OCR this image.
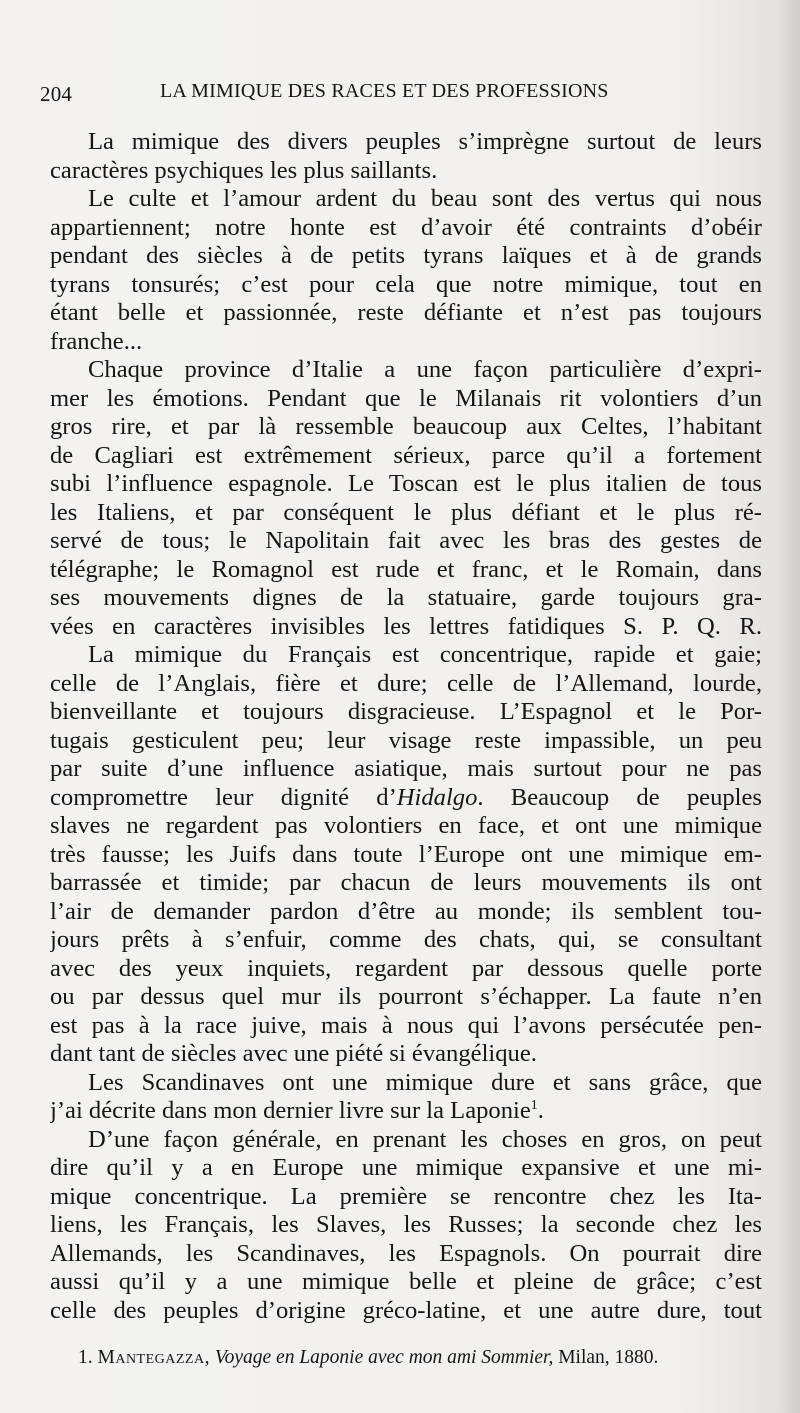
204	LA MIMIQUE DES RACES ET DES PROFESSIONS
La mimique des divers peuples s’imprègne surtout de leurs
caractères psychiques les plus saillants.
Le culte et l’amour ardent du beau sont des vertus qui nous
appartiennent; notre honte est d’avoir été contraints d’obéir
pendant des siècles à de petits tyrans laïques et à de grands
tyrans tonsurés; c’est pour cela que notre mimique, tout en
étant belle et passionnée, reste défiante et n’est pas toujours
franche...
Chaque province d’Italie a une façon particulière d’expri-
mer les émotions. Pendant que le Milanais rit volontiers d’un
gros rire, et par là ressemble beaucoup aux Celtes, l’habitant
de Cagliari est extrêmement sérieux, parce qu’il a fortement
subi l’influence espagnole. Le Toscan est le plus italien de tous
les Italiens, et par conséquent le plus défiant et le plus ré-
servé de tous; le Napolitain fait avec les bras des gestes de
télégraphe; le Romagnol est rude et franc, et le Romain, dans
ses mouvements dignes de la statuaire, garde toujours gra-
vées en caractères invisibles les lettres fatidiques S. P. Q. R.
La mimique du Français est concentrique, rapide et gaie;
celle de l’Anglais, fière et dure; celle de l’Allemand, lourde,
bienveillante et toujours disgracieuse. L’Espagnol et le Por-
tugais gesticulent peu; leur visage reste impassible, un peu
par suite d’une influence asiatique, mais surtout pour ne pas
compromettre leur dignité d’Hidalgo. Beaucoup de peuples
slaves ne regardent pas volontiers en face, et ont une mimique
très fausse; les Juifs dans toute l’Europe ont une mimique em-
barrassée et timide; par chacun de leurs mouvements ils ont
l’air de demander pardon d’être au monde; ils semblent tou-
jours prêts à s’enfuir, comme des chats, qui, se consultant
avec des yeux inquiets, regardent par dessous quelle porte
ou par dessus quel mur ils pourront s’échapper. La faute n’en
est pas à la race juive, mais à nous qui l’avons persécutée pen-
dant tant de siècles avec une piété si évangélique.
Les Scandinaves ont une mimique dure et sans grâce, que
j’ai décrite dans mon dernier livre sur la Laponie$^1$.
D’une façon générale, en prenant les choses en gros, on peut
dire qu’il y a en Europe une mimique expansive et une mi-
mique concentrique. La première se rencontre chez les Ita-
liens, les Français, les Slaves, les Russes; la seconde chez les
Allemands, les Scandinaves, les Espagnols. On pourrait dire
aussi qu’il y a une mimique belle et pleine de grâce; c’est
celle des peuples d’origine gréco-latine, et une autre dure, tout
1. Mantegazza, Voyage en Laponie avec mon ami Sommier, Milan, 1880.
